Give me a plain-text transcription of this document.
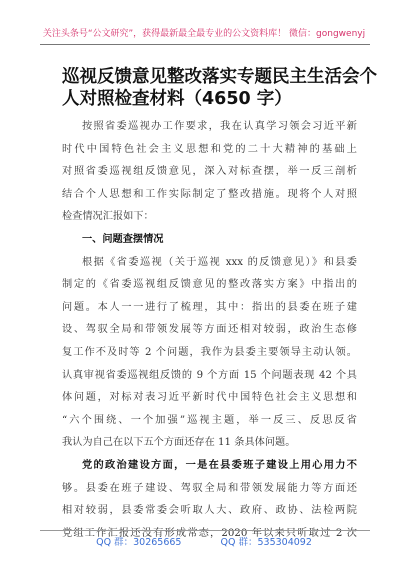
关注头条号“公文研究”，获得最新最全最专业的公文资料库！ 微信：gongwenyj
巡视反馈意见整改落实专题民主生活会个
人对照检查材料（4650 字）
按照省委巡视办工作要求，我在认真学习领会习近平新
时代中国特色社会主义思想和党的二十大精神的基础上
对照省委巡视组反馈意见，深入对标查摆，举一反三剖析
结合个人思想和工作实际制定了整改措施。现将个人对照
检查情况汇报如下：
一、问题查摆情况
根据《省委巡视（关于巡视 xxx 的反馈意见）》和县委
制定的《省委巡视组反馈意见的整改落实方案》中指出的
问题。本人一一进行了梳理，其中：指出的县委在班子建
设、驾驭全局和带领发展等方面还相对较弱，政治生态修
复工作不及时等 2 个问题，我作为县委主要领导主动认领。
认真审视省委巡视组反馈的 9 个方面 15 个问题表现 42 个具
体问题，对标对表习近平新时代中国特色社会主义思想和
“六个围绕、一个加强”巡视主题，举一反三、反思反省
我认为自己在以下五个方面还存在 11 条具体问题。
党的政治建设方面，一是在县委班子建设上用心用力不
够。县委在班子建设、驾驭全局和带领发展能力等方面还
相对较弱，县委常委会听取人大、政府、政协、法检两院
党组工作汇报还没有形成常态，2020 年以来只听取过 2 次
QQ 群：30265665	QQ 群：535304092
